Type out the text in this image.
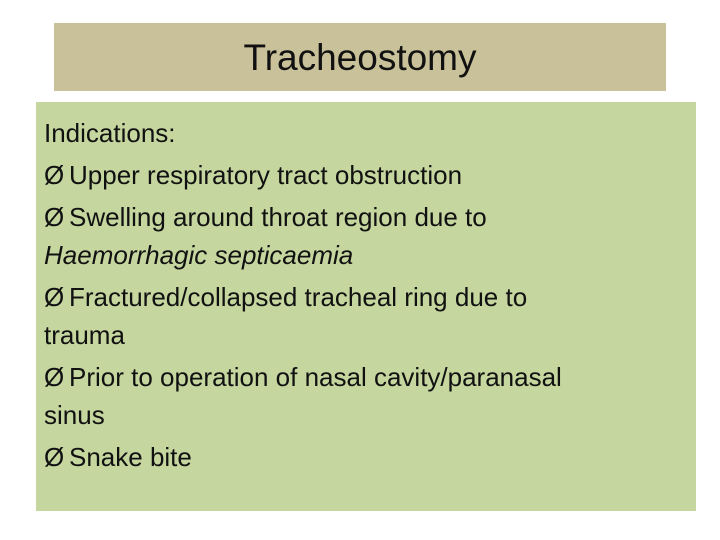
Tracheostomy
Indications:
Ø Upper respiratory tract obstruction
Ø Swelling around throat region due to
Haemorrhagic septicaemia
Ø Fractured/collapsed tracheal ring due to
trauma
Ø Prior to operation of nasal cavity/paranasal
sinus
Ø Snake bite
